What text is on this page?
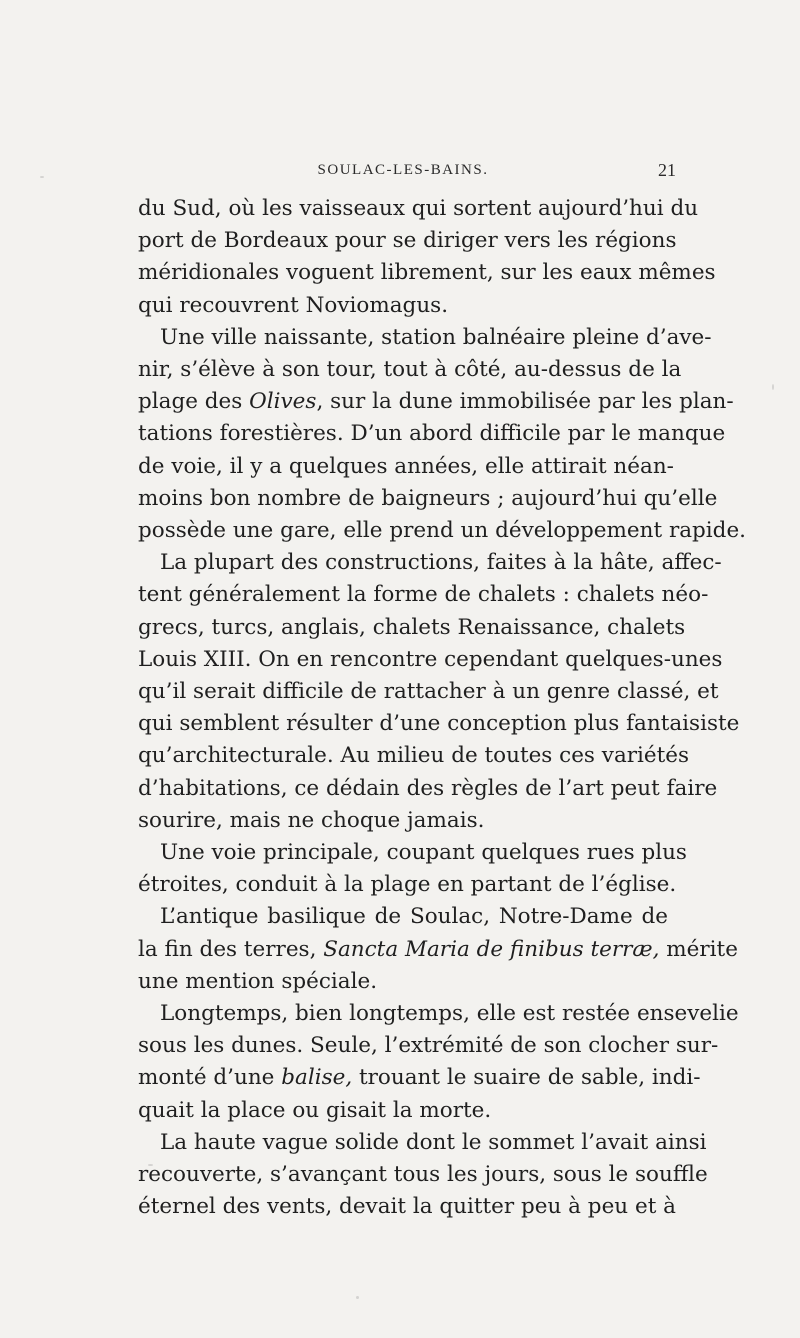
SOULAC-LES-BAINS.	21
du Sud, où les vaisseaux qui sortent aujourd’hui du
port de Bordeaux pour se diriger vers les régions
méridionales voguent librement, sur les eaux mêmes
qui recouvrent Noviomagus.
Une ville naissante, station balnéaire pleine d’ave-
nir, s’élève à son tour, tout à côté, au-dessus de la
plage des Olives, sur la dune immobilisée par les plan-
tations forestières. D’un abord difficile par le manque
de voie, il y a quelques années, elle attirait néan-
moins bon nombre de baigneurs ; aujourd’hui qu’elle
possède une gare, elle prend un développement rapide.
La plupart des constructions, faites à la hâte, affec-
tent généralement la forme de chalets : chalets néo-
grecs, turcs, anglais, chalets Renaissance, chalets
Louis XIII. On en rencontre cependant quelques-unes
qu’il serait difficile de rattacher à un genre classé, et
qui semblent résulter d’une conception plus fantaisiste
qu’architecturale. Au milieu de toutes ces variétés
d’habitations, ce dédain des règles de l’art peut faire
sourire, mais ne choque jamais.
Une voie principale, coupant quelques rues plus
étroites, conduit à la plage en partant de l’église.
L’antique basilique de Soulac, Notre-Dame de
la fin des terres, Sancta Maria de finibus terræ, mérite
une mention spéciale.
Longtemps, bien longtemps, elle est restée ensevelie
sous les dunes. Seule, l’extrémité de son clocher sur-
monté d’une balise, trouant le suaire de sable, indi-
quait la place ou gisait la morte.
La haute vague solide dont le sommet l’avait ainsi
recouverte, s’avançant tous les jours, sous le souffle
éternel des vents, devait la quitter peu à peu et à
